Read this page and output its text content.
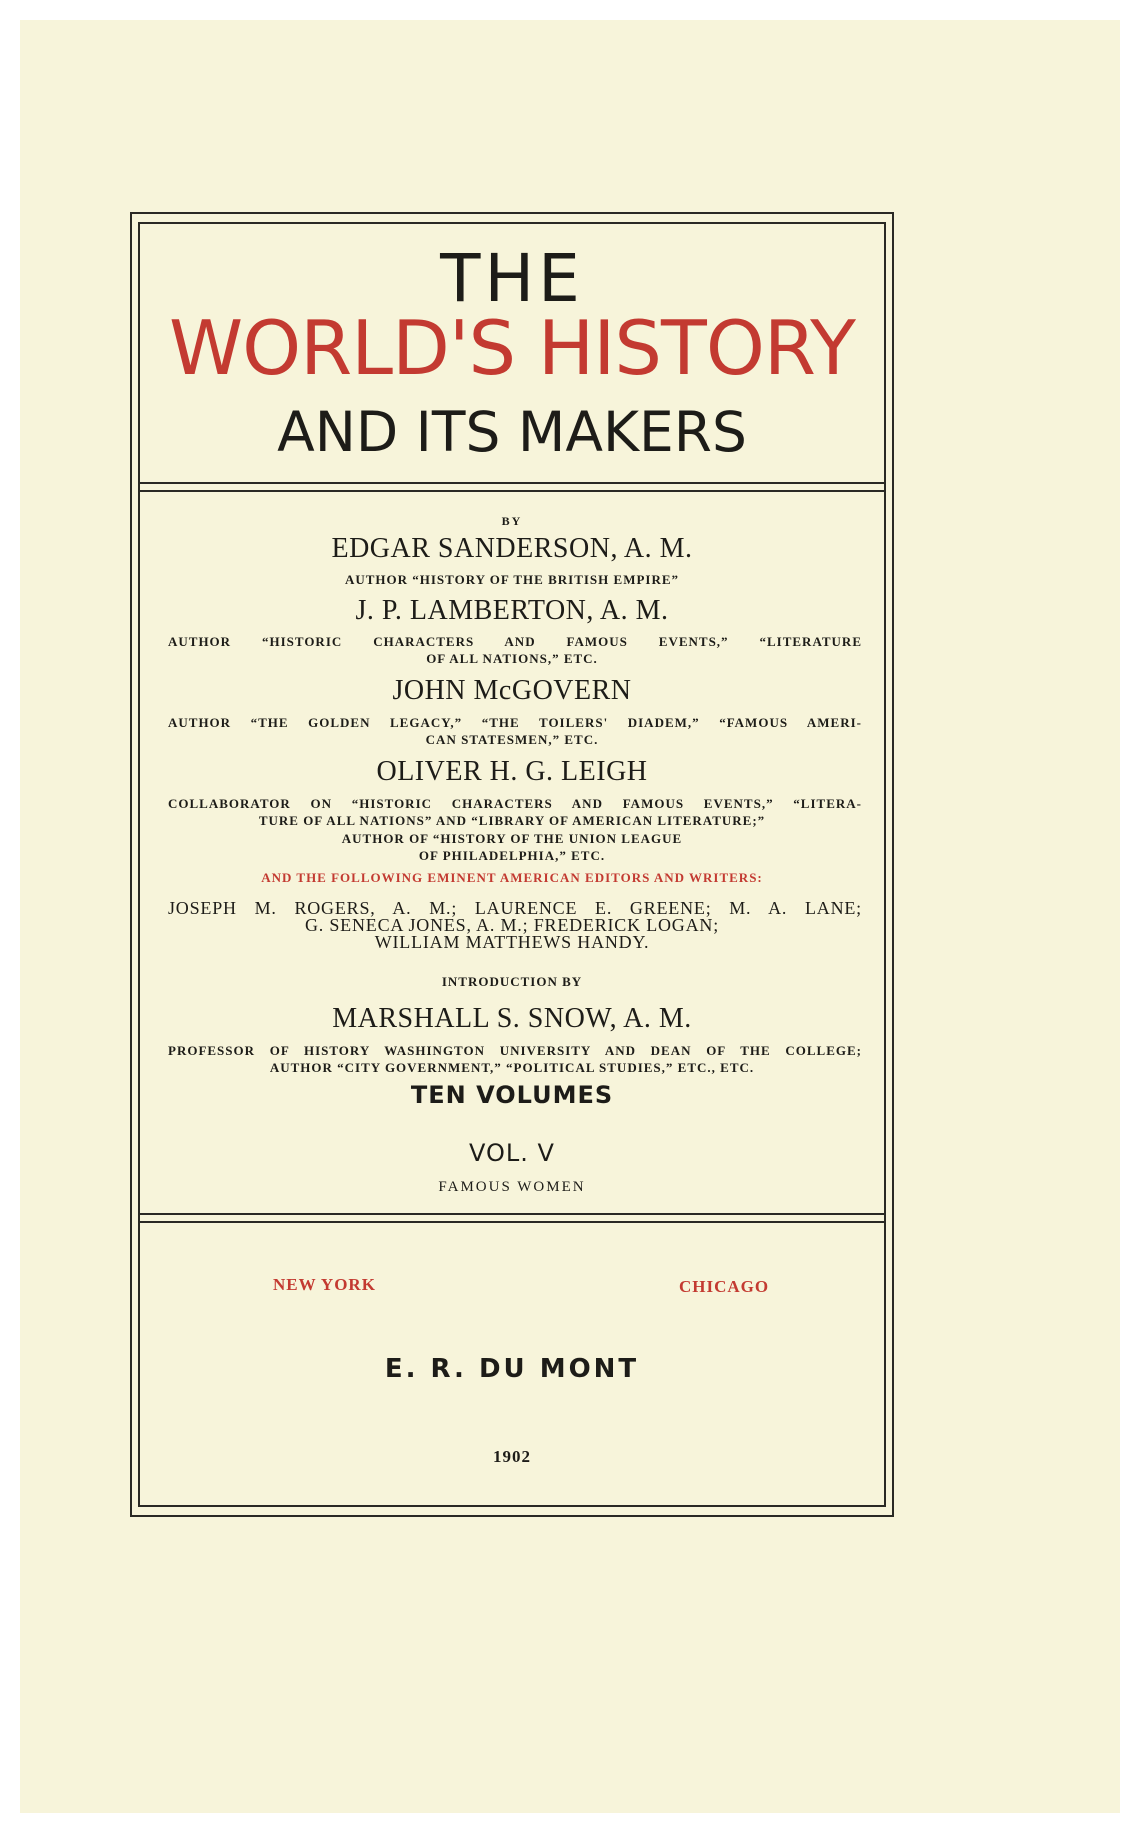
THE
WORLD'S HISTORY
AND ITS MAKERS
BY
EDGAR SANDERSON, A. M.
AUTHOR “HISTORY OF THE BRITISH EMPIRE”
J. P. LAMBERTON, A. M.
AUTHOR “HISTORIC CHARACTERS AND FAMOUS EVENTS,” “LITERATURE
OF ALL NATIONS,” ETC.
JOHN McGOVERN
AUTHOR “THE GOLDEN LEGACY,” “THE TOILERS' DIADEM,” “FAMOUS AMERI-
CAN STATESMEN,” ETC.
OLIVER H. G. LEIGH
COLLABORATOR ON “HISTORIC CHARACTERS AND FAMOUS EVENTS,” “LITERA-
TURE OF ALL NATIONS” AND “LIBRARY OF AMERICAN LITERATURE;”
AUTHOR OF “HISTORY OF THE UNION LEAGUE
OF PHILADELPHIA,” ETC.
AND THE FOLLOWING EMINENT AMERICAN EDITORS AND WRITERS:
JOSEPH M. ROGERS, A. M.; LAURENCE E. GREENE; M. A. LANE;
G. SENECA JONES, A. M.; FREDERICK LOGAN;
WILLIAM MATTHEWS HANDY.
INTRODUCTION BY
MARSHALL S. SNOW, A. M.
PROFESSOR OF HISTORY WASHINGTON UNIVERSITY AND DEAN OF THE COLLEGE;
AUTHOR “CITY GOVERNMENT,” “POLITICAL STUDIES,” ETC., ETC.
TEN VOLUMES
VOL. V
FAMOUS WOMEN
NEW YORK	CHICAGO
E. R. DU MONT
1902
